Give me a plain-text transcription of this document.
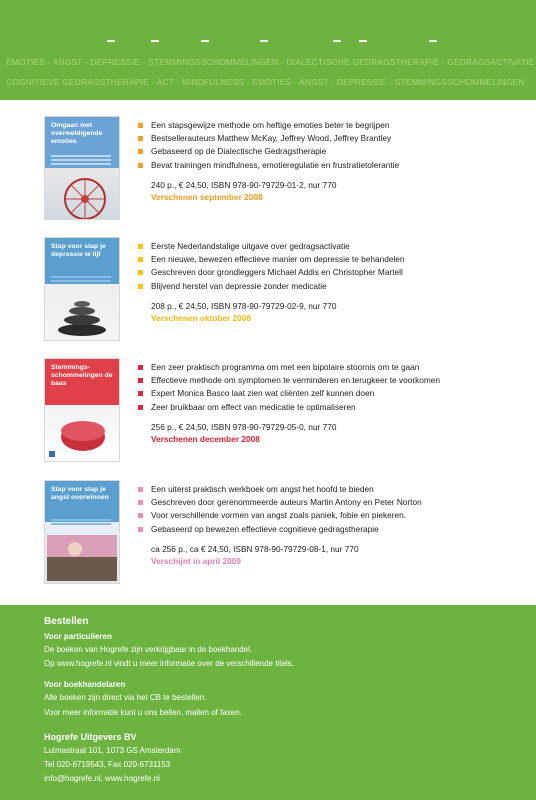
EMOTIES - ANGST - DEPRESSIE - STEMMINGSSCHOMMELINGEN - DIALECTISCHE GEDRAGSTHERAPIE - GEDRAGSACTIVATIE
COGNITIEVE GEDRAGSTHERAPIE - ACT - MINDFULNESS - EMOTIES - ANGST - DEPRESSIE - STEMMINGSSCHOMMELINGEN
Omgaan met overweldigende emoties
Een stapsgewijze methode om heftige emoties beter te begrijpen
Bestsellerauteurs Matthew McKay, Jeffrey Wood, Jeffrey Brantley
Gebaseerd op de Dialectische Gedragstherapie
Bevat trainingen mindfulness, emotieregulatie en frustratietolerantie
240 p., € 24,50, ISBN 978-90-79729-01-2, nur 770
Verschenen september 2008
Stap voor stap je depressie te lijf
Eerste Nederlandstalige uitgave over gedragsactivatie
Een nieuwe, bewezen effectieve manier om depressie te behandelen
Geschreven door grondleggers Michael Addis en Christopher Martell
Blijvend herstel van depressie zonder medicatie
208 p., € 24,50, ISBN 978-90-79729-02-9, nur 770
Verschenen oktober 2008
Stemmings- schommelingen de baas
Een zeer praktisch programma om met een bipolaire stoornis om te gaan
Effectieve methode om symptomen te verminderen en terugkeer te voorkomen
Expert Monica Basco laat zien wat cliënten zelf kunnen doen
Zeer bruikbaar om effect van medicatie te optimaliseren
256 p., € 24,50, ISBN 978-90-79729-05-0, nur 770
Verschenen december 2008
Stap voor stap je angst overwinnen
Een uiterst praktisch werkboek om angst het hoofd te bieden
Geschreven door gerenommeerde auteurs Martin Antony en Peter Norton
Voor verschillende vormen van angst zoals paniek, fobie en piekeren.
Gebaseerd op bewezen effectieve cognitieve gedragstherapie
ca 256 p., ca € 24,50, ISBN 978-90-79729-08-1, nur 770
Verschijnt in april 2009
Bestellen
Voor particulieren
De boeken van Hogrefe zijn verkrijgbaar in de boekhandel.
Op www.hogrefe.nl vindt u meer informatie over de verschillende titels.
Voor boekhandelaren
Alle boeken zijn direct via het CB te bestellen.
Voor meer informatie kunt u ons bellen, mailen of faxen.
Hogrefe Uitgevers BV
Lutmastraat 101, 1073 GS Amsterdam
Tel 020-6719543, Fax 020-6731153
info@hogrefe.nl, www.hogrefe.nl
